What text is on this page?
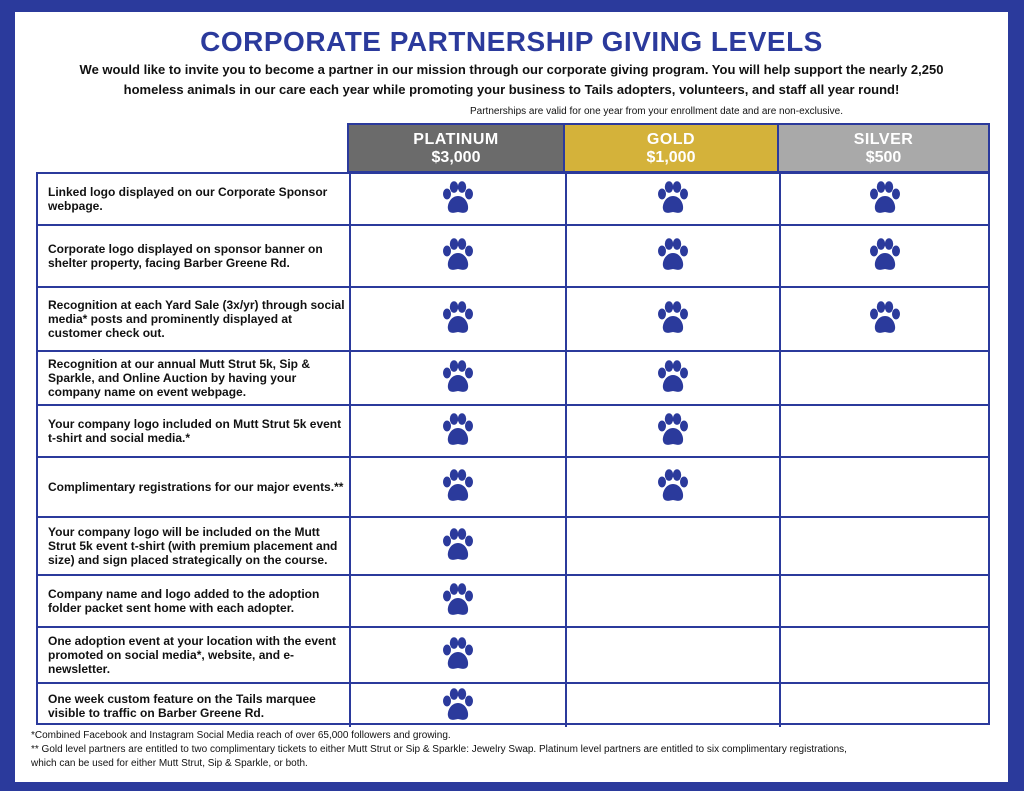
CORPORATE PARTNERSHIP GIVING LEVELS
We would like to invite you to become a partner in our mission through our corporate giving program. You will help support the nearly 2,250
homeless animals in our care each year while promoting your business to Tails adopters, volunteers, and staff all year round!
Partnerships are valid for one year from your enrollment date and are non-exclusive.
PLATINUM
$3,000
GOLD
$1,000
SILVER
$500
Linked logo displayed on our Corporate Sponsor webpage.
Corporate logo displayed on sponsor banner on shelter property, facing Barber Greene Rd.
Recognition at each Yard Sale (3x/yr) through social media* posts and prominently displayed at customer check out.
Recognition at our annual Mutt Strut 5k, Sip & Sparkle, and Online Auction by having your company name on event webpage.
Your company logo included on Mutt Strut 5k event t-shirt and social media.*
Complimentary registrations for our major events.**
Your company logo will be included on the Mutt Strut 5k event t-shirt (with premium placement and size) and sign placed strategically on the course.
Company name and logo added to the adoption folder packet sent home with each adopter.
One adoption event at your location with the event promoted on social media*, website, and e-newsletter.
One week custom feature on the Tails marquee visible to traffic on Barber Greene Rd.
*Combined Facebook and Instagram Social Media reach of over 65,000 followers and growing.
** Gold level partners are entitled to two complimentary tickets to either Mutt Strut or Sip & Sparkle: Jewelry Swap. Platinum level partners are entitled to six complimentary registrations,
which can be used for either Mutt Strut, Sip & Sparkle, or both.
